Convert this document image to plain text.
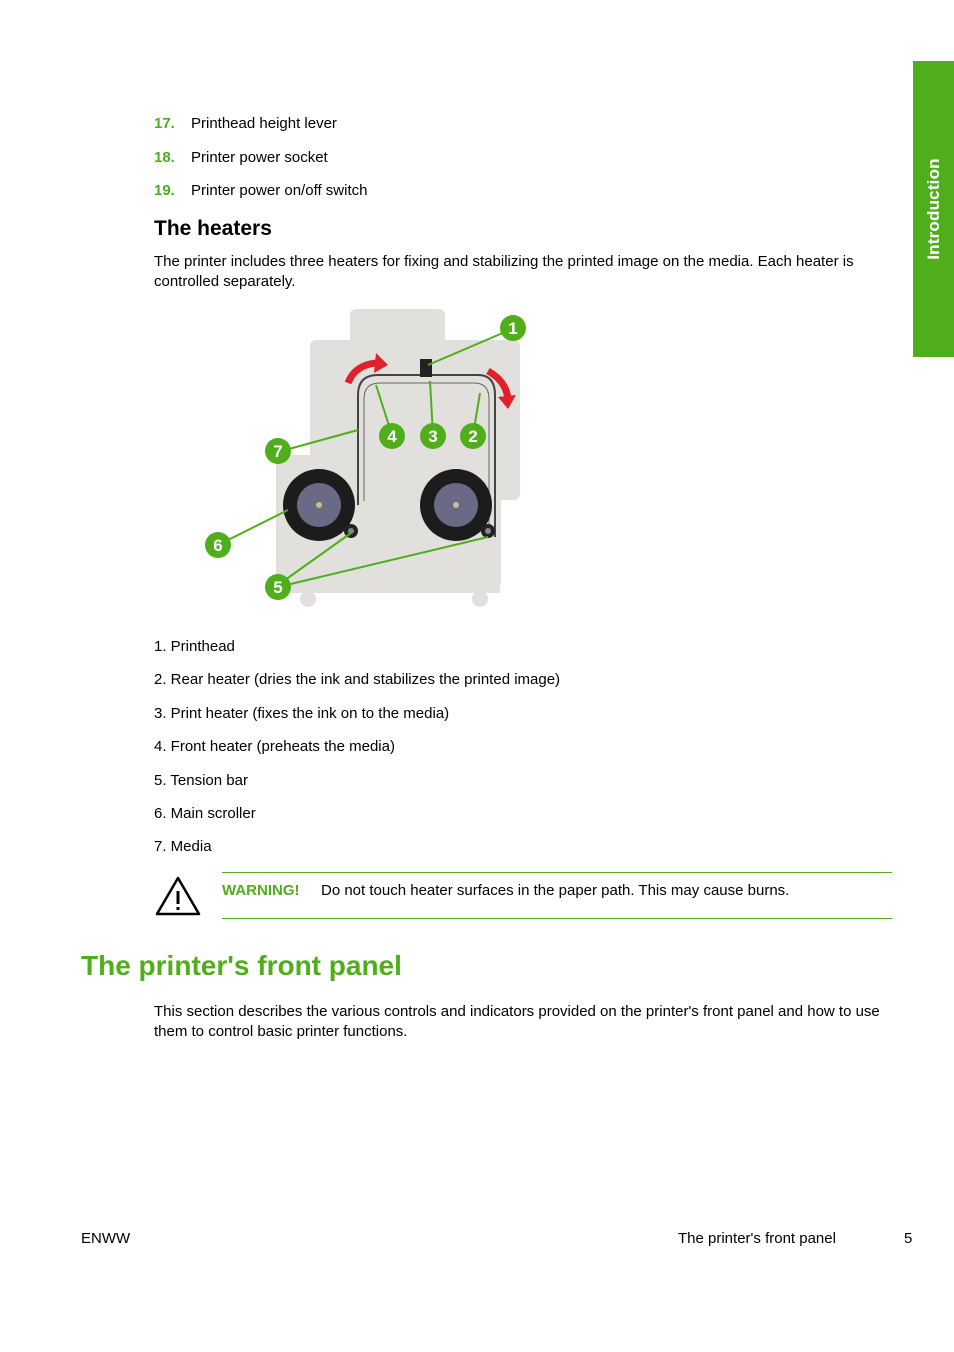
Introduction
17.	Printhead height lever
18.	Printer power socket
19.	Printer power on/off switch
The heaters
The printer includes three heaters for fixing and stabilizing the printed image on the media. Each heater is controlled separately.
1
2
3
4
5
6
7
1. Printhead
2. Rear heater (dries the ink and stabilizes the printed image)
3. Print heater (fixes the ink on to the media)
4. Front heater (preheats the media)
5. Tension bar
6. Main scroller
7. Media
WARNING! Do not touch heater surfaces in the paper path. This may cause burns.
The printer's front panel
This section describes the various controls and indicators provided on the printer's front panel and how to use them to control basic printer functions.
ENWW	The printer's front panel	5
